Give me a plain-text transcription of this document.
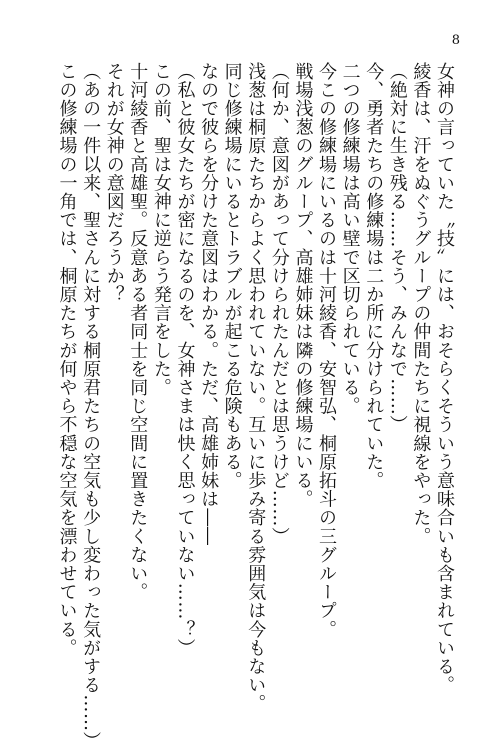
8
女神の言っていた〝技〟には、おそらくそういう意味合いも含まれている。
綾香は、汗をぬぐうグループの仲間たちに視線をやった。
（絶対に生き残る……そう、みんなで……）
今、勇者たちの修練場は二か所に分けられていた。
二つの修練場は高い壁で区切られている。
今この修練場にいるのは十河綾香、安智弘、桐原拓斗の三グループ。
戦場浅葱のグループ、高雄姉妹は隣の修練場にいる。
（何か、意図があって分けられたんだとは思うけど……）
浅葱は桐原たちからよく思われていない。互いに歩み寄る雰囲気は今もない。
同じ修練場にいるとトラブルが起こる危険もある。
なので彼らを分けた意図はわかる。ただ、高雄姉妹は――
（私と彼女たちが密になるのを、女神さまは快く思っていない……？）
この前、聖は女神に逆らう発言をした。
十河綾香と高雄聖。反意ある者同士を同じ空間に置きたくない。
それが女神の意図だろうか？
（あの一件以来、聖さんに対する桐原君たちの空気も少し変わった気がする……）
この修練場の一角では、桐原たちが何やら不穏な空気を漂わせている。
